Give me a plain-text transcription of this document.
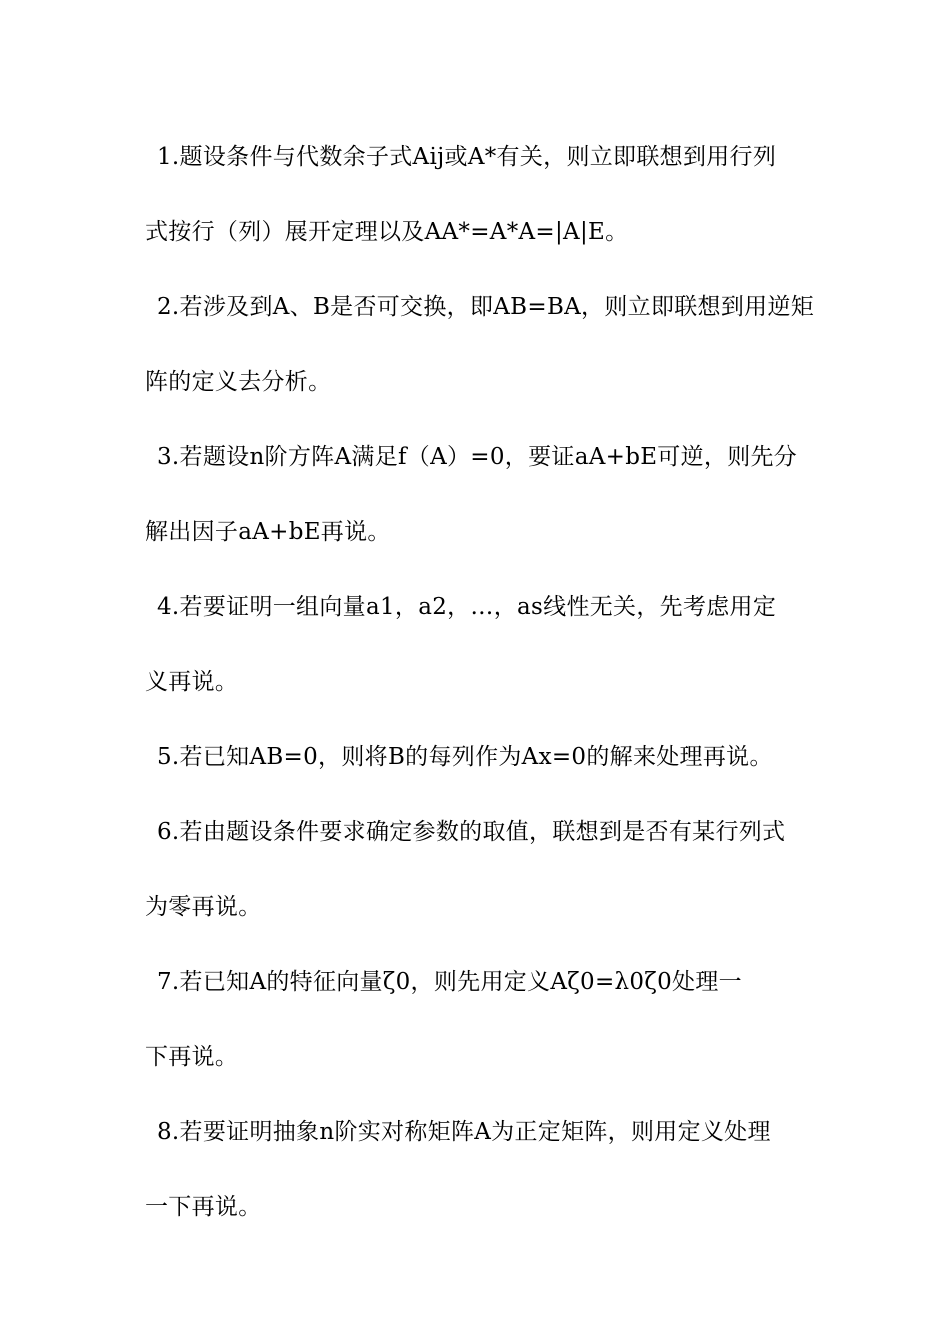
1.题设条件与代数余子式Aij或A*有关，则立即联想到用行列
式按行（列）展开定理以及AA*=A*A=|A|E。
2.若涉及到A、B是否可交换，即AB=BA，则立即联想到用逆矩
阵的定义去分析。
3.若题设n阶方阵A满足f（A）=0，要证aA+bE可逆，则先分
解出因子aA+bE再说。
4.若要证明一组向量a1，a2，…，as线性无关，先考虑用定
义再说。
5.若已知AB=0，则将B的每列作为Ax=0的解来处理再说。
6.若由题设条件要求确定参数的取值，联想到是否有某行列式
为零再说。
7.若已知A的特征向量ζ0，则先用定义Aζ0=λ0ζ0处理一
下再说。
8.若要证明抽象n阶实对称矩阵A为正定矩阵，则用定义处理
一下再说。
